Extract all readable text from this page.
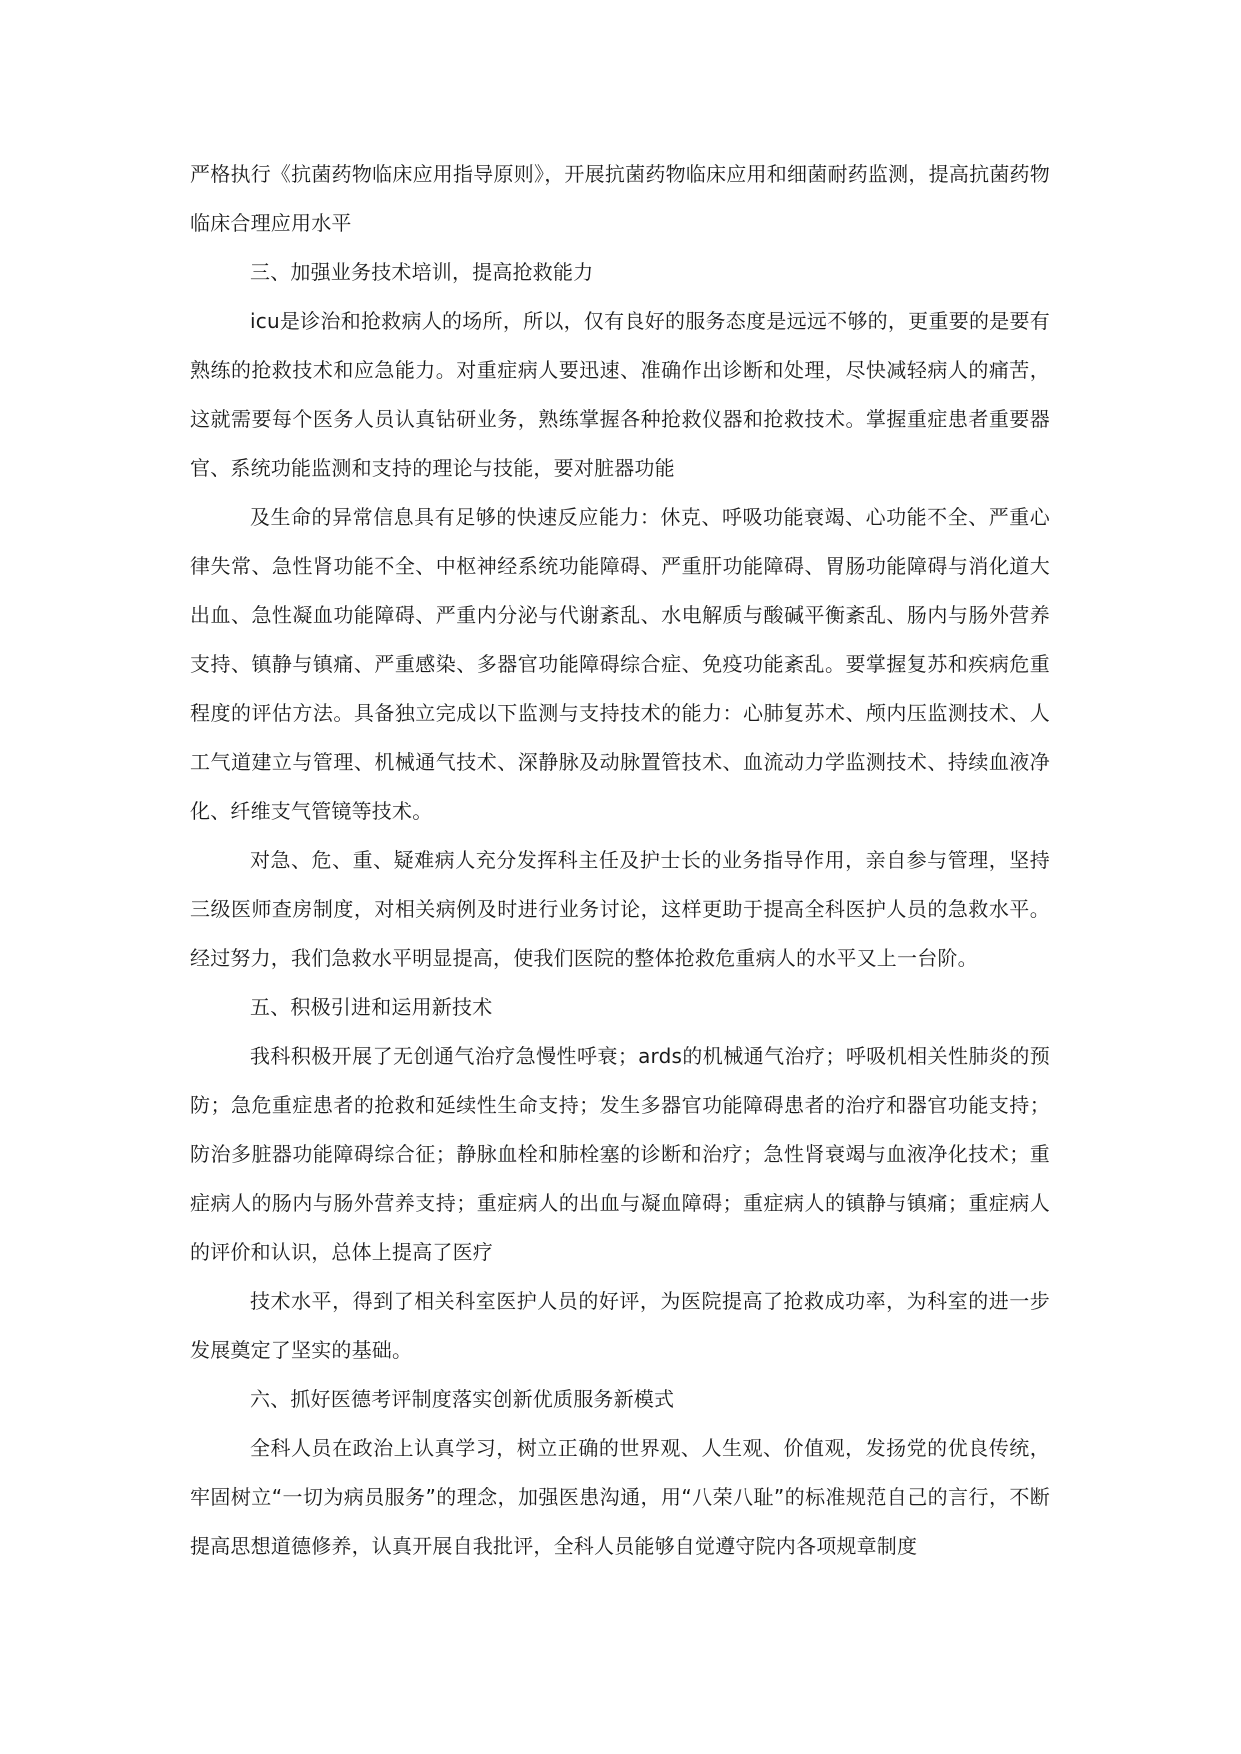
严格执行《抗菌药物临床应用指导原则》，开展抗菌药物临床应用和细菌耐药监测，提高抗菌药物临床合理应用水平

三、加强业务技术培训，提高抢救能力

icu是诊治和抢救病人的场所，所以，仅有良好的服务态度是远远不够的，更重要的是要有熟练的抢救技术和应急能力。对重症病人要迅速、准确作出诊断和处理，尽快减轻病人的痛苦，这就需要每个医务人员认真钻研业务，熟练掌握各种抢救仪器和抢救技术。掌握重症患者重要器官、系统功能监测和支持的理论与技能，要对脏器功能

及生命的异常信息具有足够的快速反应能力：休克、呼吸功能衰竭、心功能不全、严重心律失常、急性肾功能不全、中枢神经系统功能障碍、严重肝功能障碍、胃肠功能障碍与消化道大出血、急性凝血功能障碍、严重内分泌与代谢紊乱、水电解质与酸碱平衡紊乱、肠内与肠外营养支持、镇静与镇痛、严重感染、多器官功能障碍综合症、免疫功能紊乱。要掌握复苏和疾病危重程度的评估方法。具备独立完成以下监测与支持技术的能力：心肺复苏术、颅内压监测技术、人工气道建立与管理、机械通气技术、深静脉及动脉置管技术、血流动力学监测技术、持续血液净化、纤维支气管镜等技术。

对急、危、重、疑难病人充分发挥科主任及护士长的业务指导作用，亲自参与管理，坚持三级医师查房制度，对相关病例及时进行业务讨论，这样更助于提高全科医护人员的急救水平。经过努力，我们急救水平明显提高，使我们医院的整体抢救危重病人的水平又上一台阶。

五、积极引进和运用新技术

我科积极开展了无创通气治疗急慢性呼衰；ards的机械通气治疗；呼吸机相关性肺炎的预防；急危重症患者的抢救和延续性生命支持；发生多器官功能障碍患者的治疗和器官功能支持；防治多脏器功能障碍综合征；静脉血栓和肺栓塞的诊断和治疗；急性肾衰竭与血液净化技术；重症病人的肠内与肠外营养支持；重症病人的出血与凝血障碍；重症病人的镇静与镇痛；重症病人的评价和认识，总体上提高了医疗

技术水平，得到了相关科室医护人员的好评，为医院提高了抢救成功率，为科室的进一步发展奠定了坚实的基础。

六、抓好医德考评制度落实创新优质服务新模式

全科人员在政治上认真学习，树立正确的世界观、人生观、价值观，发扬党的优良传统，牢固树立“一切为病员服务”的理念，加强医患沟通，用“八荣八耻”的标准规范自己的言行，不断提高思想道德修养，认真开展自我批评，全科人员能够自觉遵守院内各项规章制度
